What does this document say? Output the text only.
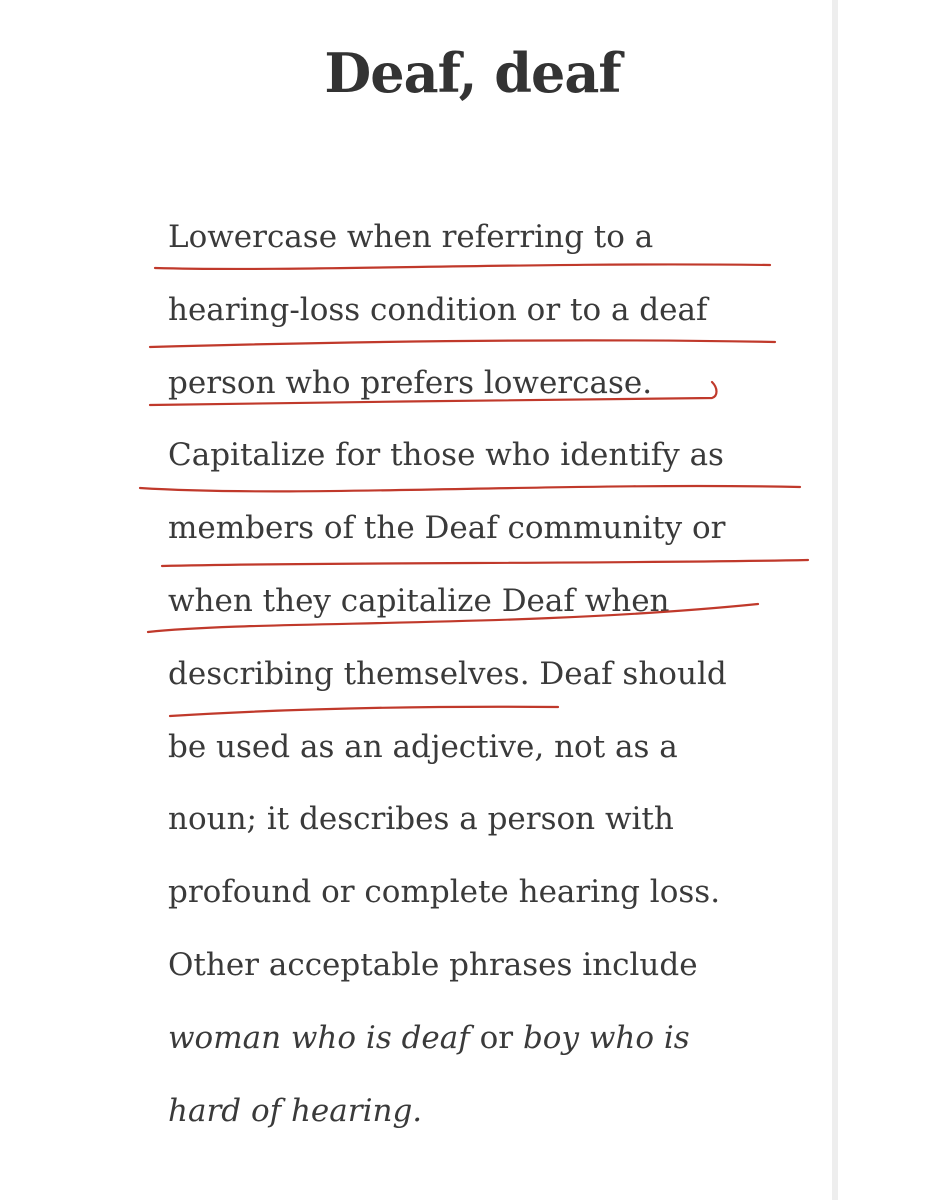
Deaf, deaf
Lowercase when referring to a
hearing-loss condition or to a deaf
person who prefers lowercase.
Capitalize for those who identify as
members of the Deaf community or
when they capitalize Deaf when
describing themselves. Deaf should
be used as an adjective, not as a
noun; it describes a person with
profound or complete hearing loss.
Other acceptable phrases include
woman who is deaf or boy who is
hard of hearing.
